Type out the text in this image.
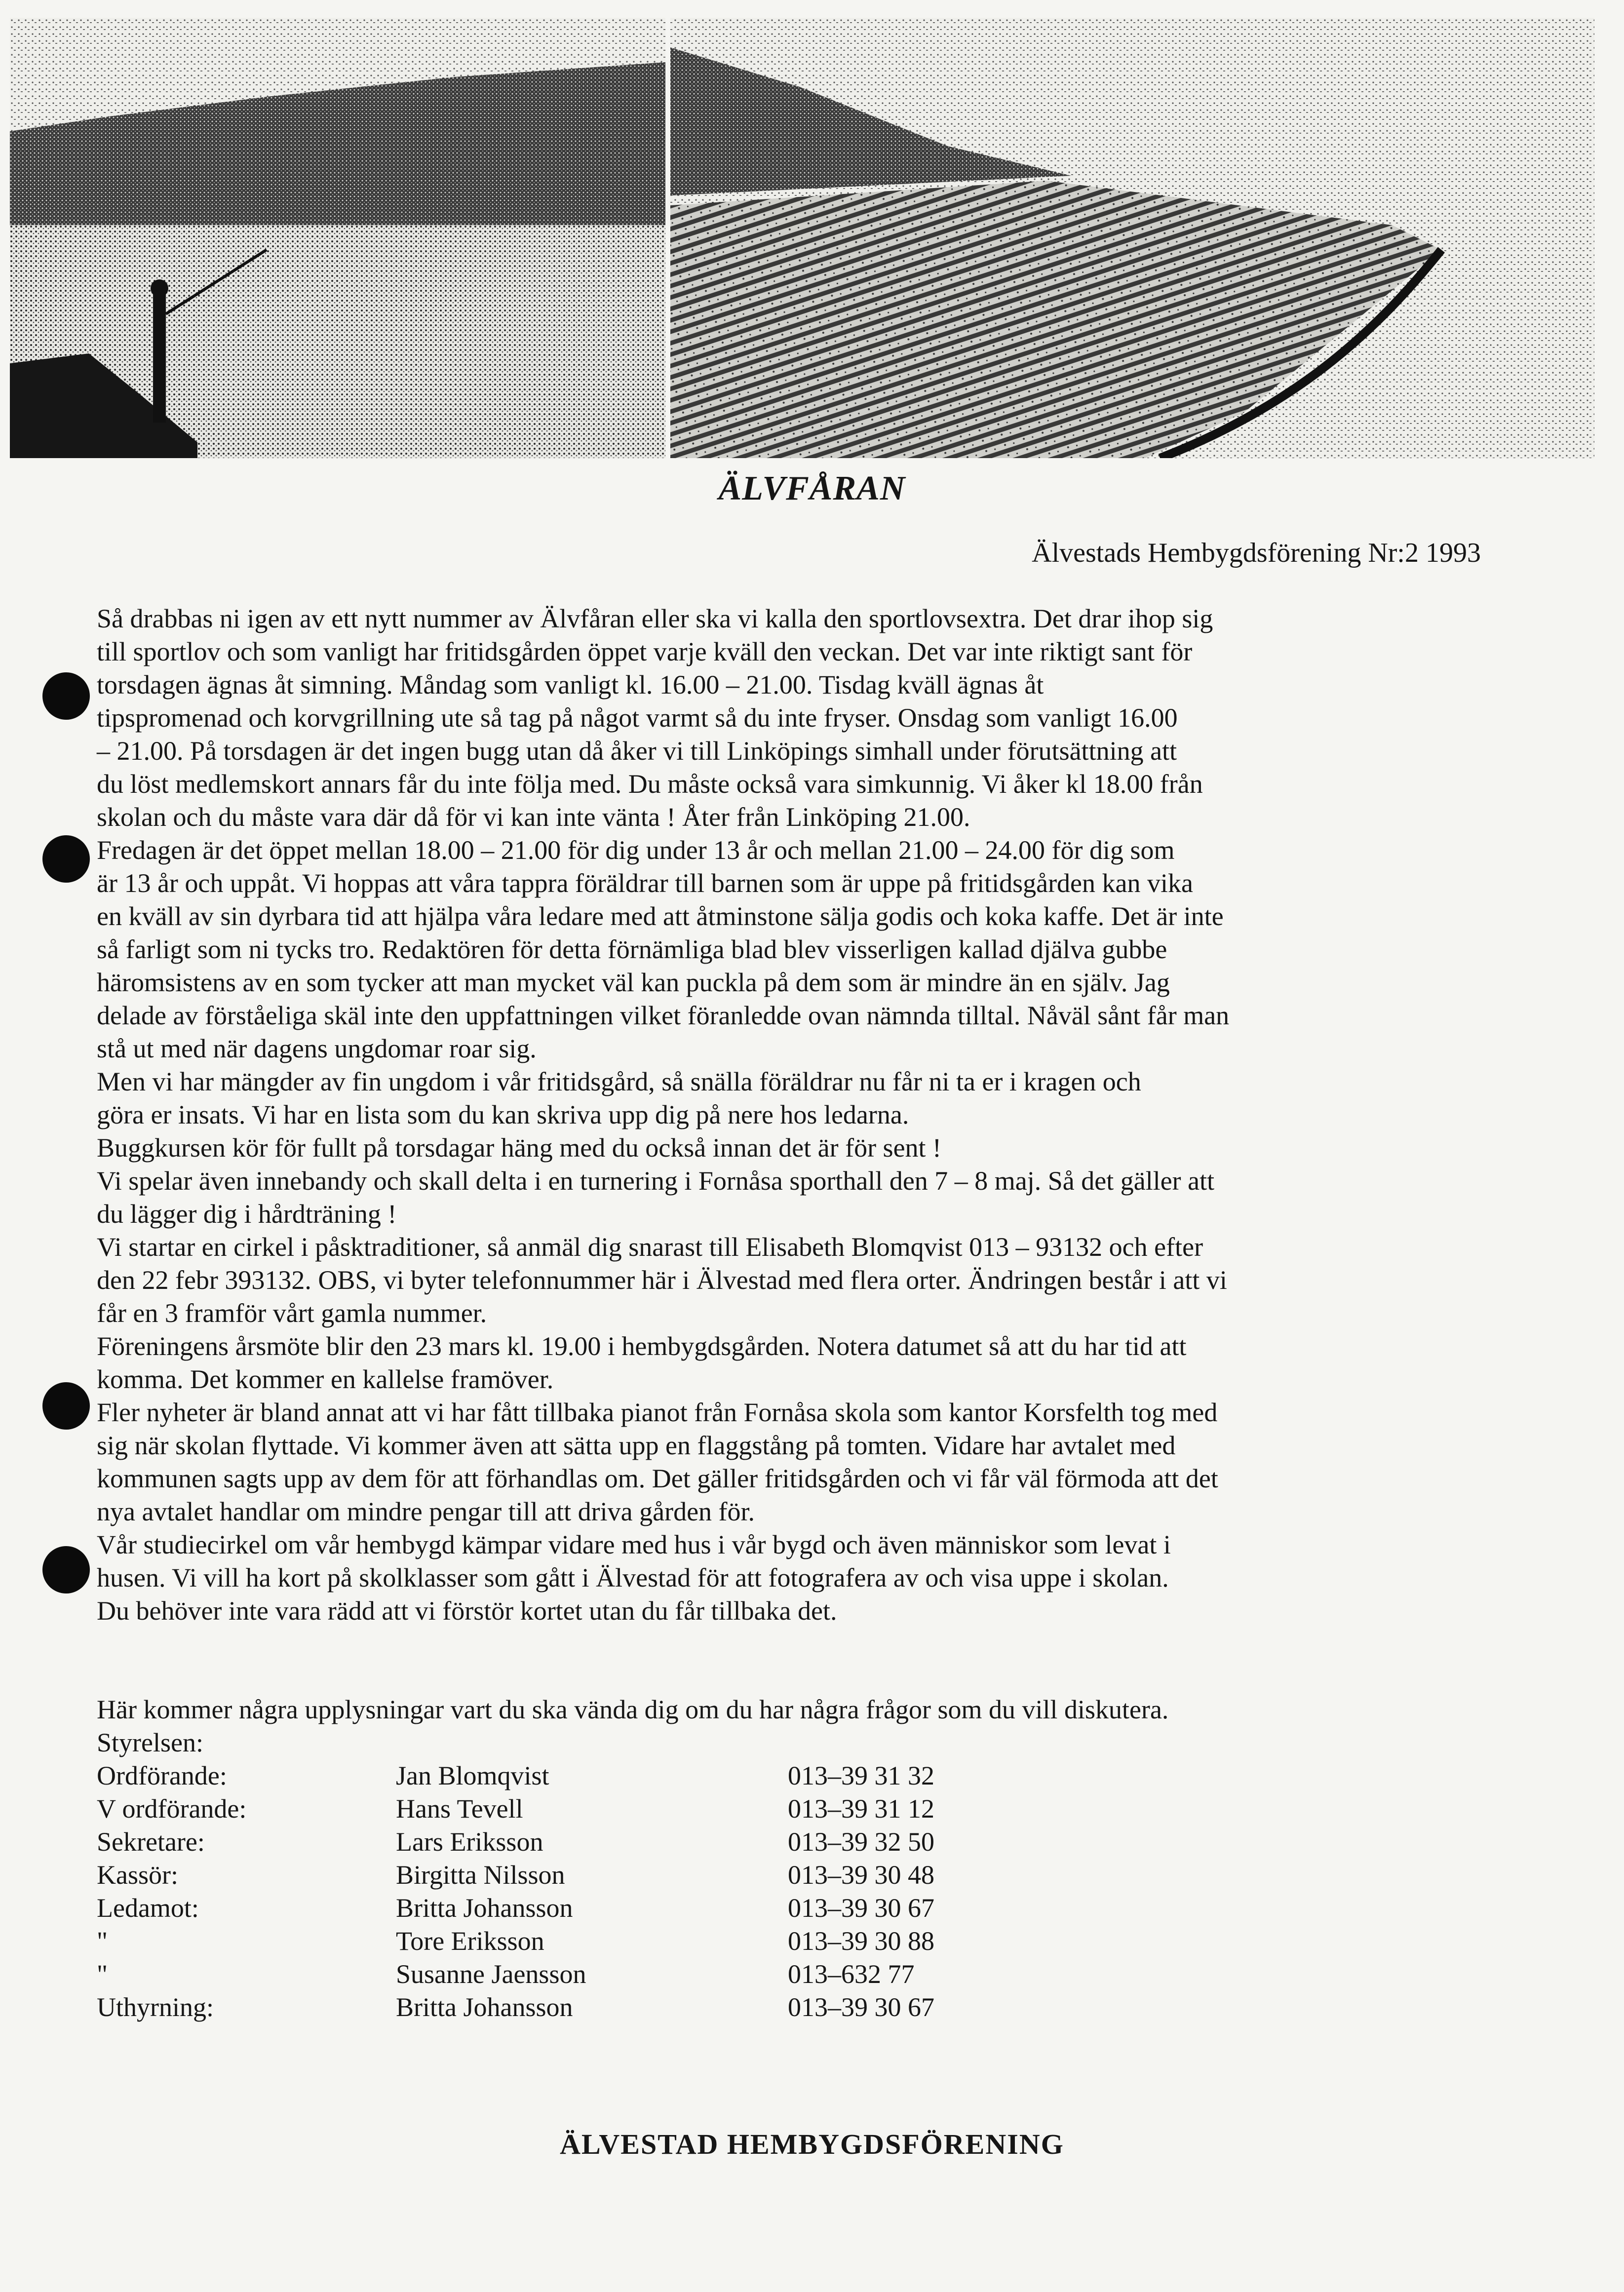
ÄLVFÅRAN
Älvestads Hembygdsförening Nr:2 1993

Så drabbas ni igen av ett nytt nummer av Älvfåran eller ska vi kalla den sportlovsextra. Det drar ihop sig
till sportlov och som vanligt har fritidsgården öppet varje kväll den veckan. Det var inte riktigt sant för
torsdagen ägnas åt simning. Måndag som vanligt kl. 16.00 – 21.00. Tisdag kväll ägnas åt
tipspromenad och korvgrillning ute så tag på något varmt så du inte fryser. Onsdag som vanligt 16.00
– 21.00. På torsdagen är det ingen bugg utan då åker vi till Linköpings simhall under förutsättning att
du löst medlemskort annars får du inte följa med. Du måste också vara simkunnig. Vi åker kl 18.00 från
skolan och du måste vara där då för vi kan inte vänta ! Åter från Linköping 21.00.

Fredagen är det öppet mellan 18.00 – 21.00 för dig under 13 år och mellan 21.00 – 24.00 för dig som
är 13 år och uppåt. Vi hoppas att våra tappra föräldrar till barnen som är uppe på fritidsgården kan vika
en kväll av sin dyrbara tid att hjälpa våra ledare med att åtminstone sälja godis och koka kaffe. Det är inte
så farligt som ni tycks tro. Redaktören för detta förnämliga blad blev visserligen kallad djälva gubbe
häromsistens av en som tycker att man mycket väl kan puckla på dem som är mindre än en själv. Jag
delade av förståeliga skäl inte den uppfattningen vilket föranledde ovan nämnda tilltal. Nåväl sånt får man
stå ut med när dagens ungdomar roar sig.

Men vi har mängder av fin ungdom i vår fritidsgård, så snälla föräldrar nu får ni ta er i kragen och
göra er insats. Vi har en lista som du kan skriva upp dig på nere hos ledarna.

Buggkursen kör för fullt på torsdagar häng med du också innan det är för sent !

Vi spelar även innebandy och skall delta i en turnering i Fornåsa sporthall den 7 – 8 maj. Så det gäller att
du lägger dig i hårdträning !

Vi startar en cirkel i påsktraditioner, så anmäl dig snarast till Elisabeth Blomqvist 013 – 93132 och efter
den 22 febr 393132. OBS, vi byter telefonnummer här i Älvestad med flera orter. Ändringen består i att vi
får en 3 framför vårt gamla nummer.

Föreningens årsmöte blir den 23 mars kl. 19.00 i hembygdsgården. Notera datumet så att du har tid att
komma. Det kommer en kallelse framöver.

Fler nyheter är bland annat att vi har fått tillbaka pianot från Fornåsa skola som kantor Korsfelth tog med
sig när skolan flyttade. Vi kommer även att sätta upp en flaggstång på tomten. Vidare har avtalet med
kommunen sagts upp av dem för att förhandlas om. Det gäller fritidsgården och vi får väl förmoda att det
nya avtalet handlar om mindre pengar till att driva gården för.

Vår studiecirkel om vår hembygd kämpar vidare med hus i vår bygd och även människor som levat i
husen. Vi vill ha kort på skolklasser som gått i Älvestad för att fotografera av och visa uppe i skolan.
Du behöver inte vara rädd att vi förstör kortet utan du får tillbaka det.

Här kommer några upplysningar vart du ska vända dig om du har några frågor som du vill diskutera.
Styrelsen:
Ordförande:	Jan Blomqvist	013–39 31 32
V ordförande:	Hans Tevell	013–39 31 12
Sekretare:	Lars Eriksson	013–39 32 50
Kassör:	Birgitta Nilsson	013–39 30 48
Ledamot:	Britta Johansson	013–39 30 67
"	Tore Eriksson	013–39 30 88
"	Susanne Jaensson	013–632 77
Uthyrning:	Britta Johansson	013–39 30 67
ÄLVESTAD HEMBYGDSFÖRENING
